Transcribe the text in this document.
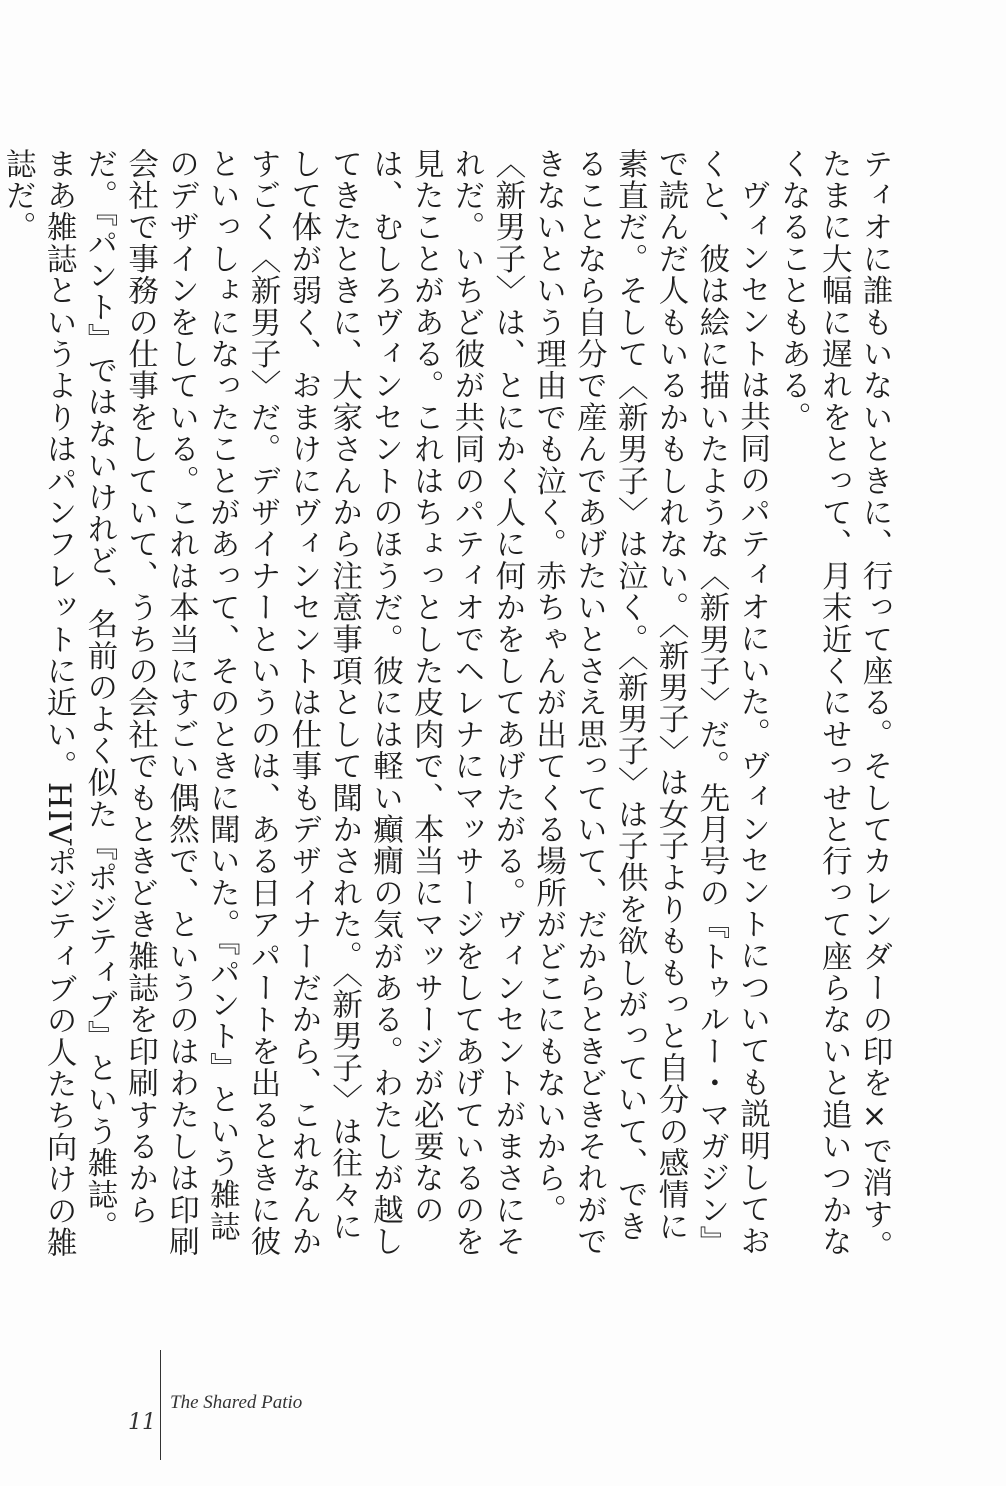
ティオに誰もいないときに、行って座る。そしてカレンダーの印を×で消す。たまに大幅に遅れをとって、月末近くにせっせと行って座らないと追いつかなくなることもある。

ヴィンセントは共同のパティオにいた。ヴィンセントについても説明しておくと、彼は絵に描いたような〈新男子〉だ。先月号の『トゥルー・マガジン』で読んだ人もいるかもしれない。〈新男子〉は女子よりももっと自分の感情に素直だ。そして〈新男子〉は泣く。〈新男子〉は子供を欲しがっていて、できることなら自分で産んであげたいとさえ思っていて、だからときどきそれができないという理由でも泣く。赤ちゃんが出てくる場所がどこにもないから。〈新男子〉は、とにかく人に何かをしてあげたがる。ヴィンセントがまさにそれだ。いちど彼が共同のパティオでヘレナにマッサージをしてあげているのを見たことがある。これはちょっとした皮肉で、本当にマッサージが必要なのは、むしろヴィンセントのほうだ。彼には軽い癲癇の気がある。わたしが越してきたときに、大家さんから注意事項として聞かされた。〈新男子〉は往々にして体が弱く、おまけにヴィンセントは仕事もデザイナーだから、これなんかすごく〈新男子〉だ。デザイナーというのは、ある日アパートを出るときに彼といっしょになったことがあって、そのときに聞いた。『パント』という雑誌のデザインをしている。これは本当にすごい偶然で、というのはわたしは印刷会社で事務の仕事をしていて、うちの会社でもときどき雑誌を印刷するからだ。『パント』ではないけれど、名前のよく似た『ポジティブ』という雑誌。まあ雑誌というよりはパンフレットに近い。HIVポジティブの人たち向けの雑誌だ。

11
The Shared Patio
